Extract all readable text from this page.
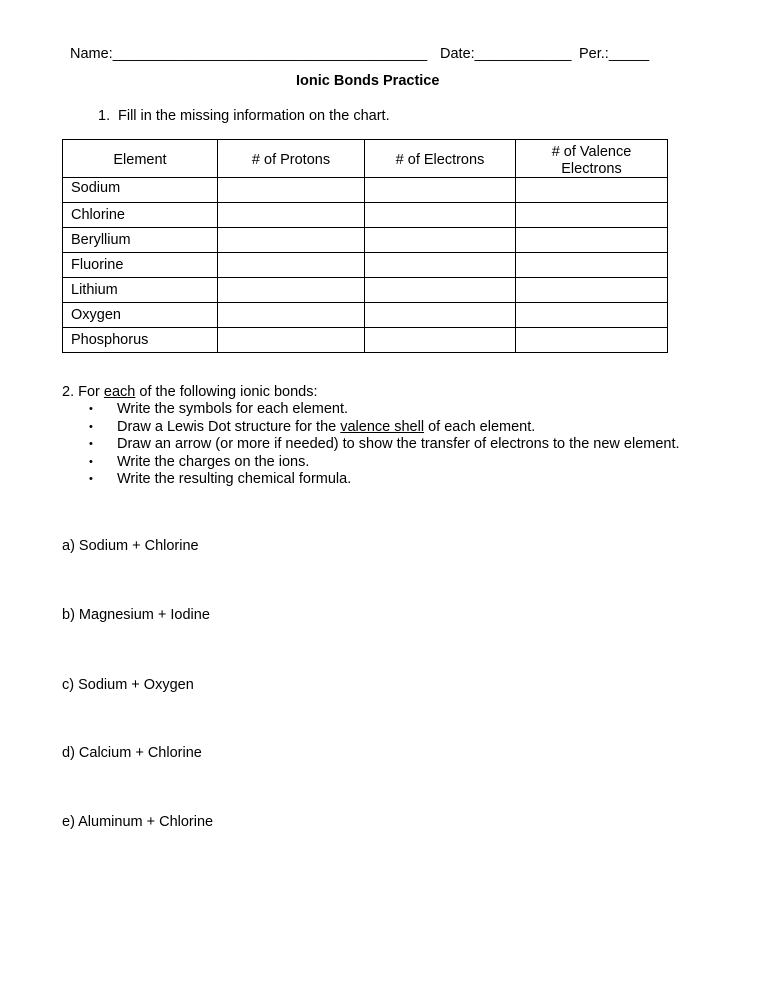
Name:_______________________________________ Date:____________ Per.:_____
Ionic Bonds Practice
1. Fill in the missing information on the chart.
Element	# of Protons	# of Electrons	# of Valence
Electrons

Sodium			
Chlorine			
Beryllium			
Fluorine			
Lithium			
Oxygen			
Phosphorus			
2. For each of the following ionic bonds:
• Write the symbols for each element.
• Draw a Lewis Dot structure for the valence shell of each element.
• Draw an arrow (or more if needed) to show the transfer of electrons to the new element.
• Write the charges on the ions.
• Write the resulting chemical formula.
a) Sodium + Chlorine
b) Magnesium + Iodine
c) Sodium + Oxygen
d) Calcium + Chlorine
e) Aluminum + Chlorine
